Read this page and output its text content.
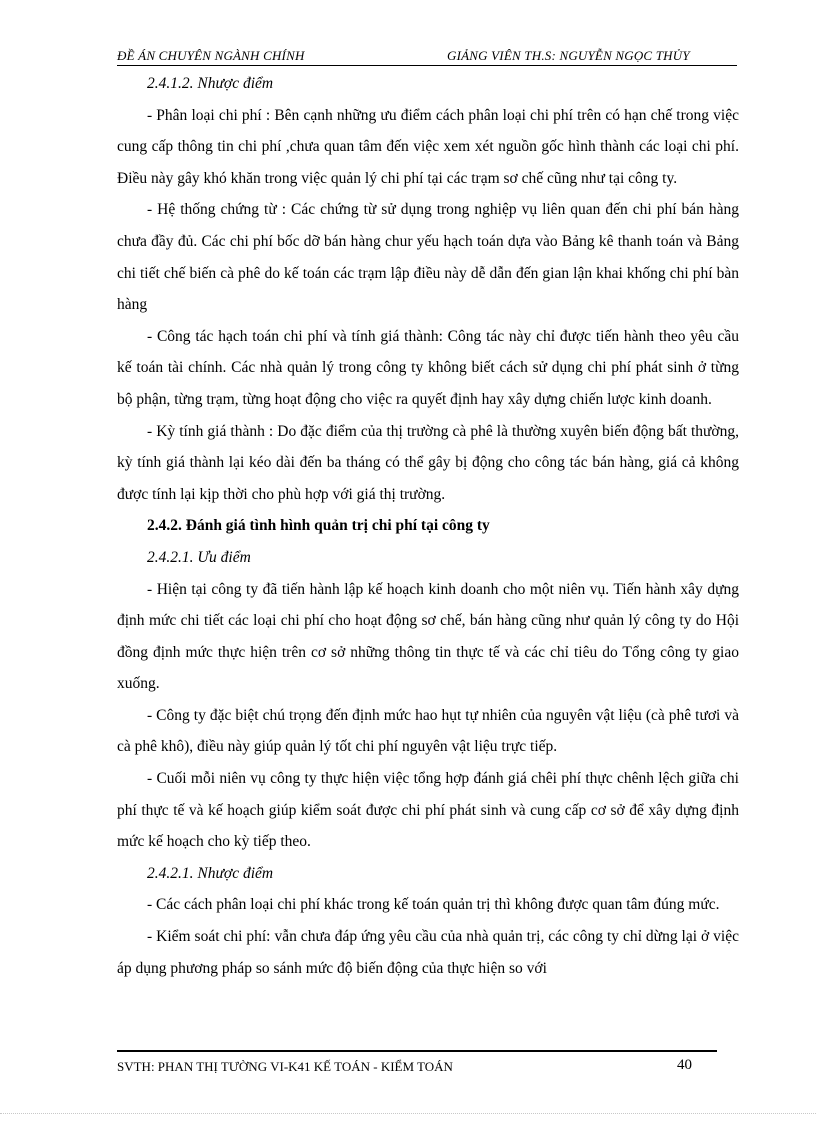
ĐỀ ÁN CHUYÊN NGÀNH CHÍNH	GIẢNG VIÊN TH.S: NGUYỄN NGỌC THỦY

2.4.1.2. Nhược điểm

- Phân loại chi phí : Bên cạnh những ưu điểm cách phân loại chi phí trên có hạn chế trong việc cung cấp thông tin chi phí ,chưa quan tâm đến việc xem xét nguồn gốc hình thành các loại chi phí. Điều này gây khó khăn trong việc quản lý chi phí tại các trạm sơ chế cũng như tại công ty.

- Hệ thống chứng từ : Các chứng từ sử dụng trong nghiệp vụ liên quan đến chi phí bán hàng chưa đầy đủ. Các chi phí bốc dỡ bán hàng chur yếu hạch toán dựa vào Bảng kê thanh toán và Bảng chi tiết chế biến cà phê do kế toán các trạm lập điều này dễ dẫn đến gian lận khai khống chi phí bàn hàng

- Công tác hạch toán chi phí và tính giá thành: Công tác này chỉ được tiến hành theo yêu cầu kế toán tài chính. Các nhà quản lý trong công ty không biết cách sử dụng chi phí phát sinh ở từng bộ phận, từng trạm, từng hoạt động cho việc ra quyết định hay xây dựng chiến lược kinh doanh.

- Kỳ tính giá thành : Do đặc điểm của thị trường cà phê là thường xuyên biến động bất thường, kỳ tính giá thành lại kéo dài đến ba tháng có thể gây bị động cho công tác bán hàng, giá cả không được tính lại kịp thời cho phù hợp với giá thị trường.

2.4.2. Đánh giá tình hình quản trị chi phí tại công ty

2.4.2.1. Ưu điểm

- Hiện tại công ty đã tiến hành lập kế hoạch kinh doanh cho một niên vụ. Tiến hành xây dựng định mức chi tiết các loại chi phí cho hoạt động sơ chế, bán hàng cũng như quản lý công ty do Hội đồng định mức thực hiện trên cơ sở những thông tin thực tế và các chỉ tiêu do Tổng công ty giao xuống.

- Công ty đặc biệt chú trọng đến định mức hao hụt tự nhiên của nguyên vật liệu (cà phê tươi và cà phê khô), điều này giúp quản lý tốt chi phí nguyên vật liệu trực tiếp.

- Cuối mỗi niên vụ công ty thực hiện việc tổng hợp đánh giá chêi phí thực chênh lệch giữa chi phí thực tế và kế hoạch giúp kiểm soát được chi phí phát sinh và cung cấp cơ sở để xây dựng định mức kế hoạch cho kỳ tiếp theo.

2.4.2.1. Nhược điểm

- Các cách phân loại chi phí khác trong kế toán quản trị thì không được quan tâm đúng mức.

- Kiểm soát chi phí: vẫn chưa đáp ứng yêu cầu của nhà quản trị, các công ty chỉ dừng lại ở việc áp dụng phương pháp so sánh mức độ biến động của thực hiện so với

SVTH: PHAN THỊ TƯỜNG VI-K41 KẾ TOÁN - KIỂM TOÁN	40
